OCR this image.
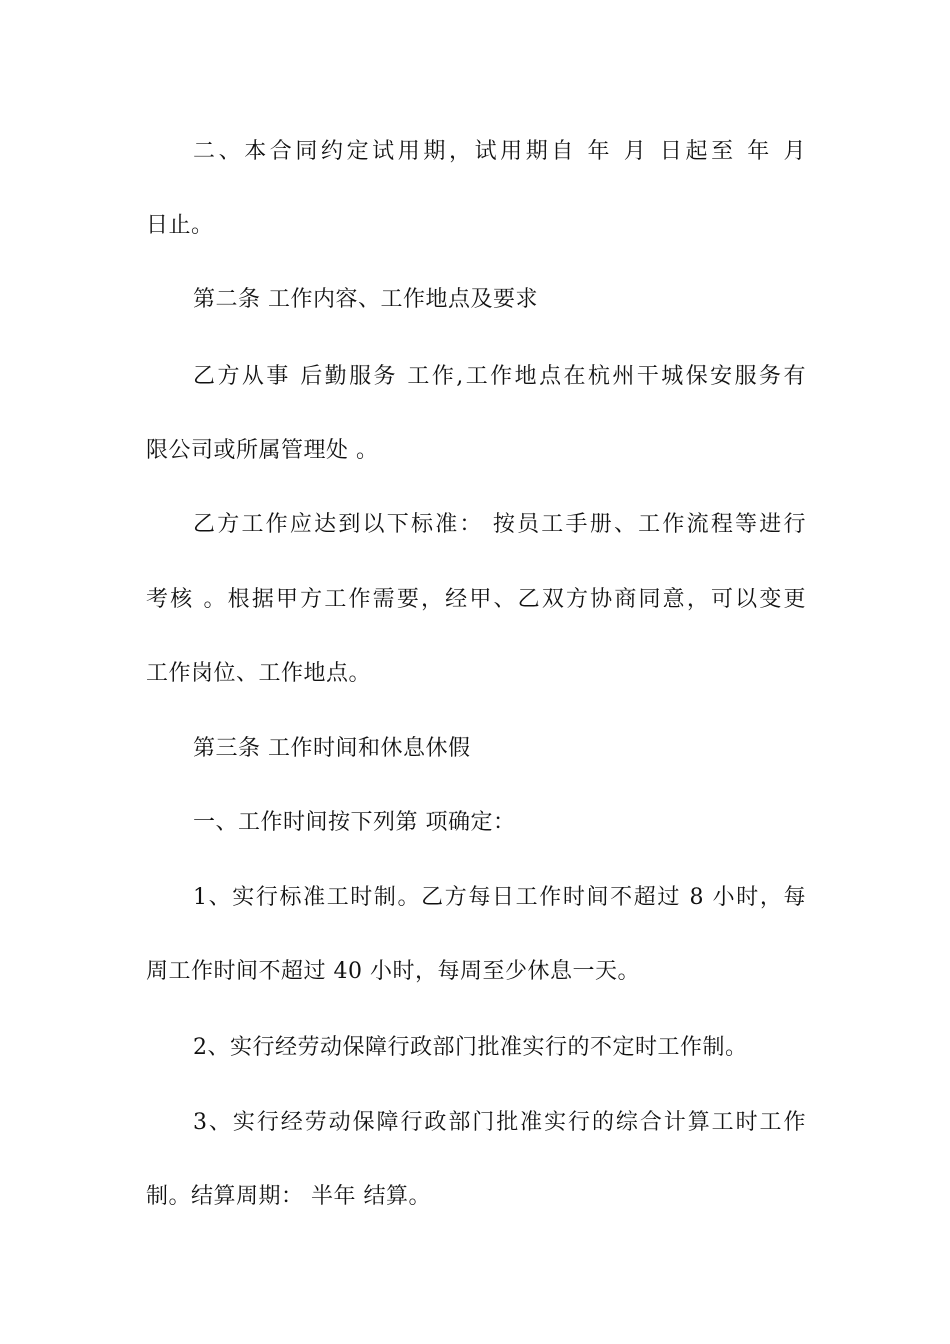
二、本合同约定试用期，试用期自 年 月 日起至 年 月
日止。
第二条 工作内容、工作地点及要求
乙方从事 后勤服务 工作,工作地点在杭州干城保安服务有
限公司或所属管理处 。
乙方工作应达到以下标准： 按员工手册、工作流程等进行
考核 。根据甲方工作需要，经甲、乙双方协商同意，可以变更
工作岗位、工作地点。
第三条 工作时间和休息休假
一、工作时间按下列第 项确定：
1、实行标准工时制。乙方每日工作时间不超过 8 小时，每
周工作时间不超过 40 小时，每周至少休息一天。
2、实行经劳动保障行政部门批准实行的不定时工作制。
3、实行经劳动保障行政部门批准实行的综合计算工时工作
制。结算周期： 半年 结算。
